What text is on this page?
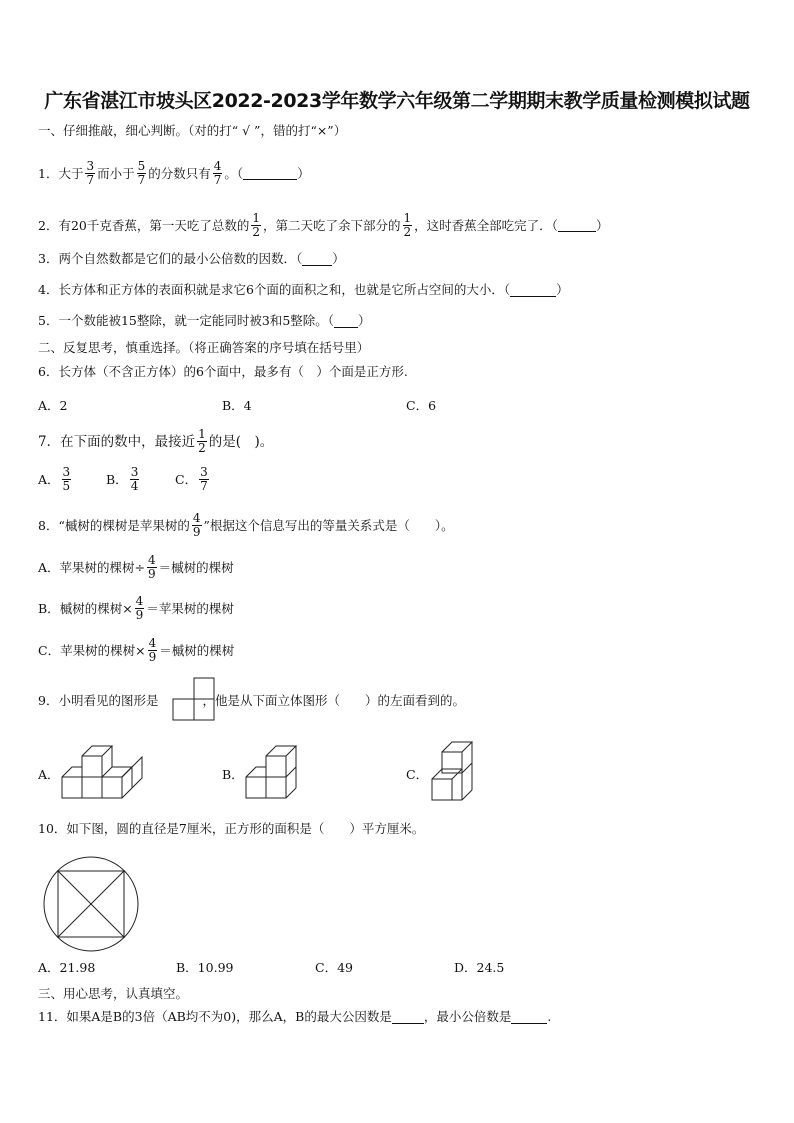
广东省湛江市坡头区2022-2023学年数学六年级第二学期期末教学质量检测模拟试题
一、仔细推敲，细心判断。（对的打“ √ ”，错的打“×”）
1． 大于 $\frac{3}{7}$ 而小于 $\frac{5}{7}$ 的分数只有 $\frac{4}{7}$ 。（	）
2． 有20千克香蕉，第一天吃了总数的 $\frac{1}{2}$ ，第二天吃了余下部分的 $\frac{1}{2}$ ，这时香蕉全部吃完了．（	）
3． 两个自然数都是它们的最小公倍数的因数．（ ）
4． 长方体和正方体的表面积就是求它6个面的面积之和，也就是它所占空间的大小．（	）
5． 一个数能被15整除，就一定能同时被3和5整除。（ ）
二、反复思考，慎重选择。（将正确答案的序号填在括号里）
6． 长方体（不含正方体）的6个面中，最多有（　）个面是正方形.
A．2	B．4	C．6
7． 在下面的数中，最接近 $\frac{1}{2}$ 的是(　)。
A． $\frac{3}{5}$	B． $\frac{3}{4}$	C． $\frac{3}{7}$
8． “槭树的棵树是苹果树的 $\frac{4}{9}$ ”根据这个信息写出的等量关系式是（　　）。
A． 苹果树的棵树÷ $\frac{4}{9}$ ＝槭树的棵树
B． 槭树的棵树× $\frac{4}{9}$ ＝苹果树的棵树
C． 苹果树的棵树× $\frac{4}{9}$ ＝槭树的棵树
9． 小明看见的图形是	，他是从下面立体图形（　　）的左面看到的。
A．	B．	C．
10． 如下图，圆的直径是7厘米，正方形的面积是（　　）平方厘米。
A．21.98	B．10.99	C．49	D．24.5
三、用心思考，认真填空。
11． 如果A是B的3倍（AB均不为0)，那么A，B的最大公因数是	，最小公倍数是	.
